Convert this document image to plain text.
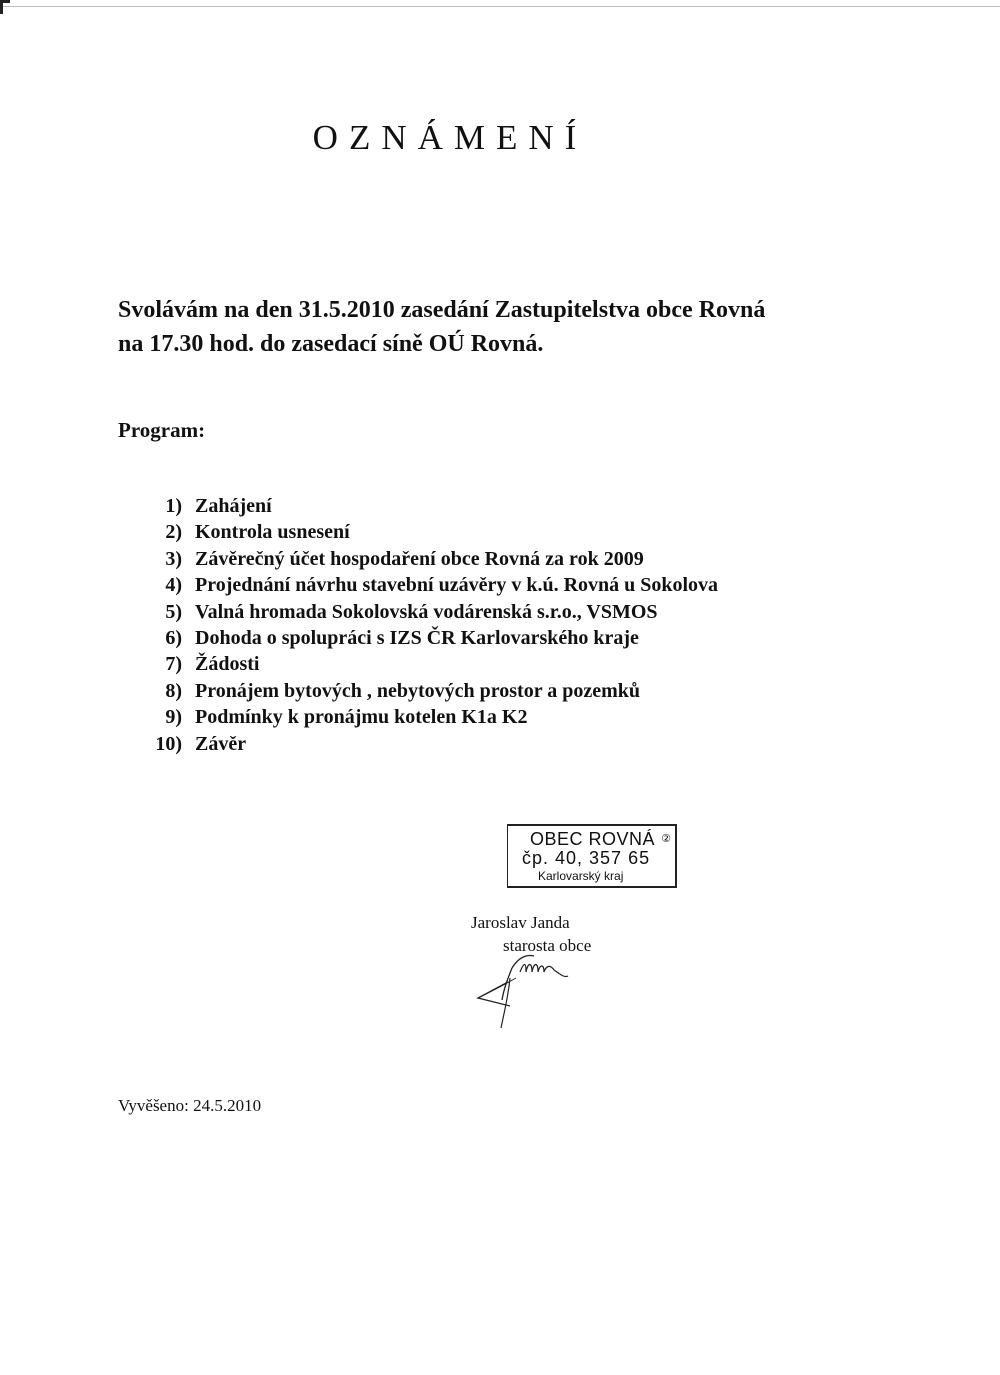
OZNÁMENÍ
Svolávám na den 31.5.2010 zasedání Zastupitelstva obce Rovná
na 17.30 hod. do zasedací síně OÚ Rovná.
Program:
1) Zahájení
2) Kontrola usnesení
3) Závěrečný účet hospodaření obce Rovná za rok 2009
4) Projednání návrhu stavební uzávěry v k.ú. Rovná u Sokolova
5) Valná hromada Sokolovská vodárenská s.r.o., VSMOS
6) Dohoda o spolupráci s IZS ČR Karlovarského kraje
7) Žádosti
8) Pronájem bytových , nebytových prostor a pozemků
9) Podmínky k pronájmu kotelen K1a K2
10) Závěr
OBEC ROVNÁ ②
čp. 40, 357 65
Karlovarský kraj
Jaroslav Janda
starosta obce
Vyvěšeno: 24.5.2010
